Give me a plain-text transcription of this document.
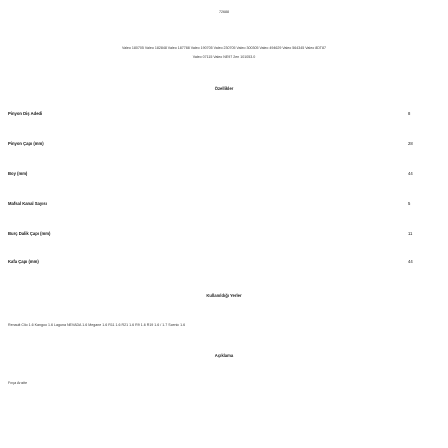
72688
Valeo 180705 Valeo 182848 Valeo 187788 Valeo 190705 Valeo 230705 Valeo 300305 Valeo 494629 Valeo 564345 Valeo 8DT87
Valeo 07115 Valeo NE97 2en 101053.0
Özellikler
Pinyon Diş Adedi	8
Pinyon Çapı (mm)	28
Boy (mm)	44
Mafsal Kanal Sayısı	5
Burç Dalik Çapı (mm)	11
Kafa Çapı (mm)	44
Kullanıldığı Yerler
Renault Clio 1.6 Kangoo 1.6 Laguna NEVADA 1.6 Megane 1.6 R11 1.6 R21 1.6 R9 1.6 R19 1.6 / 1.7 Scenic 1.6
Açıklama
Fırça Arızite
